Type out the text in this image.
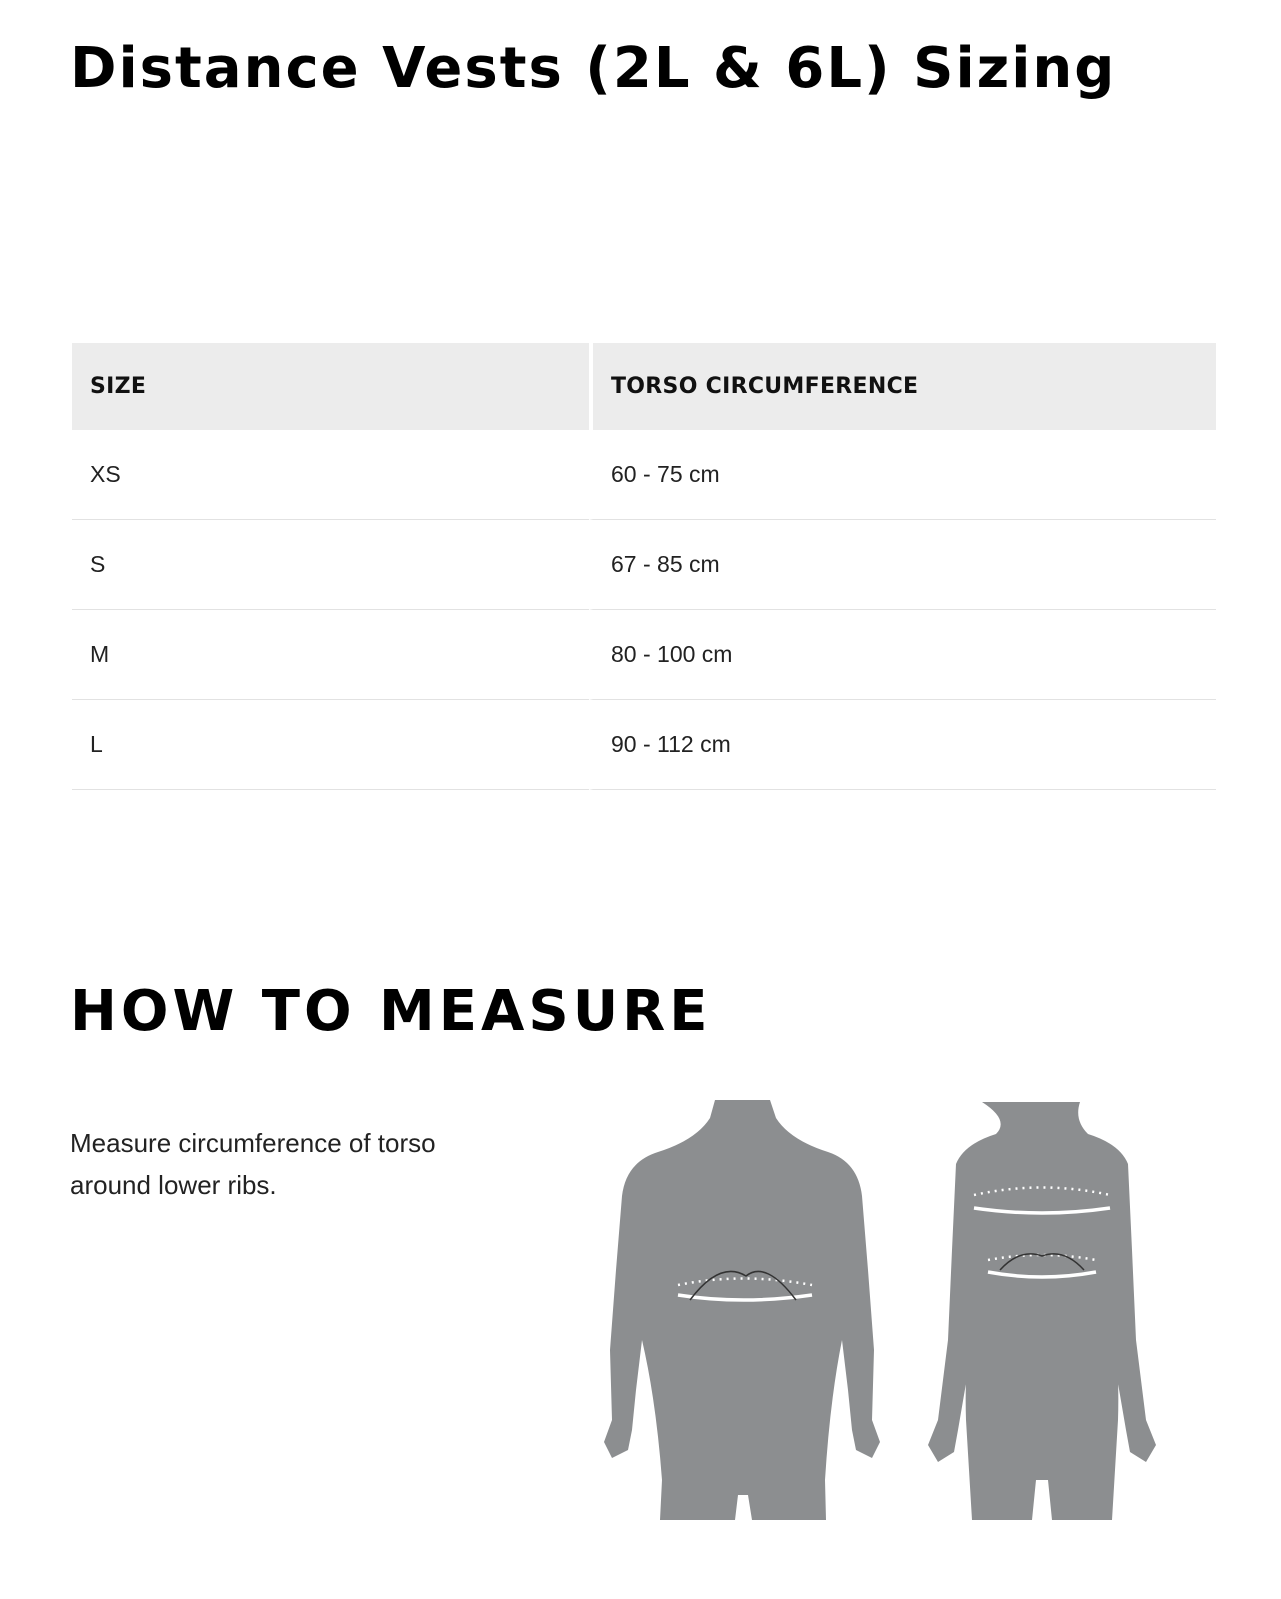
Distance Vests (2L & 6L) Sizing
SIZE	TORSO CIRCUMFERENCE
XS	60 - 75 cm
S	67 - 85 cm
M	80 - 100 cm
L	90 - 112 cm
HOW TO MEASURE

Measure circumference of torso around lower ribs.
